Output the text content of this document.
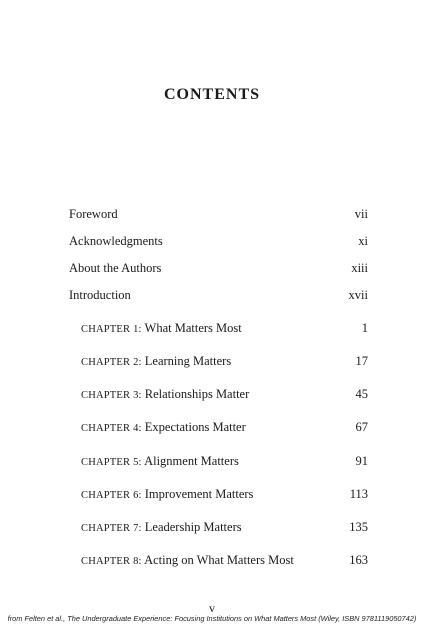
CONTENTS
Foreword	vii
Acknowledgments	xi
About the Authors	xiii
Introduction	xvii
CHAPTER 1: What Matters Most	1
CHAPTER 2: Learning Matters	17
CHAPTER 3: Relationships Matter	45
CHAPTER 4: Expectations Matter	67
CHAPTER 5: Alignment Matters	91
CHAPTER 6: Improvement Matters	113
CHAPTER 7: Leadership Matters	135
CHAPTER 8: Acting on What Matters Most	163
v
from Felten et al., The Undergraduate Experience: Focusing Institutions on What Matters Most (Wiley, ISBN 9781119050742)
